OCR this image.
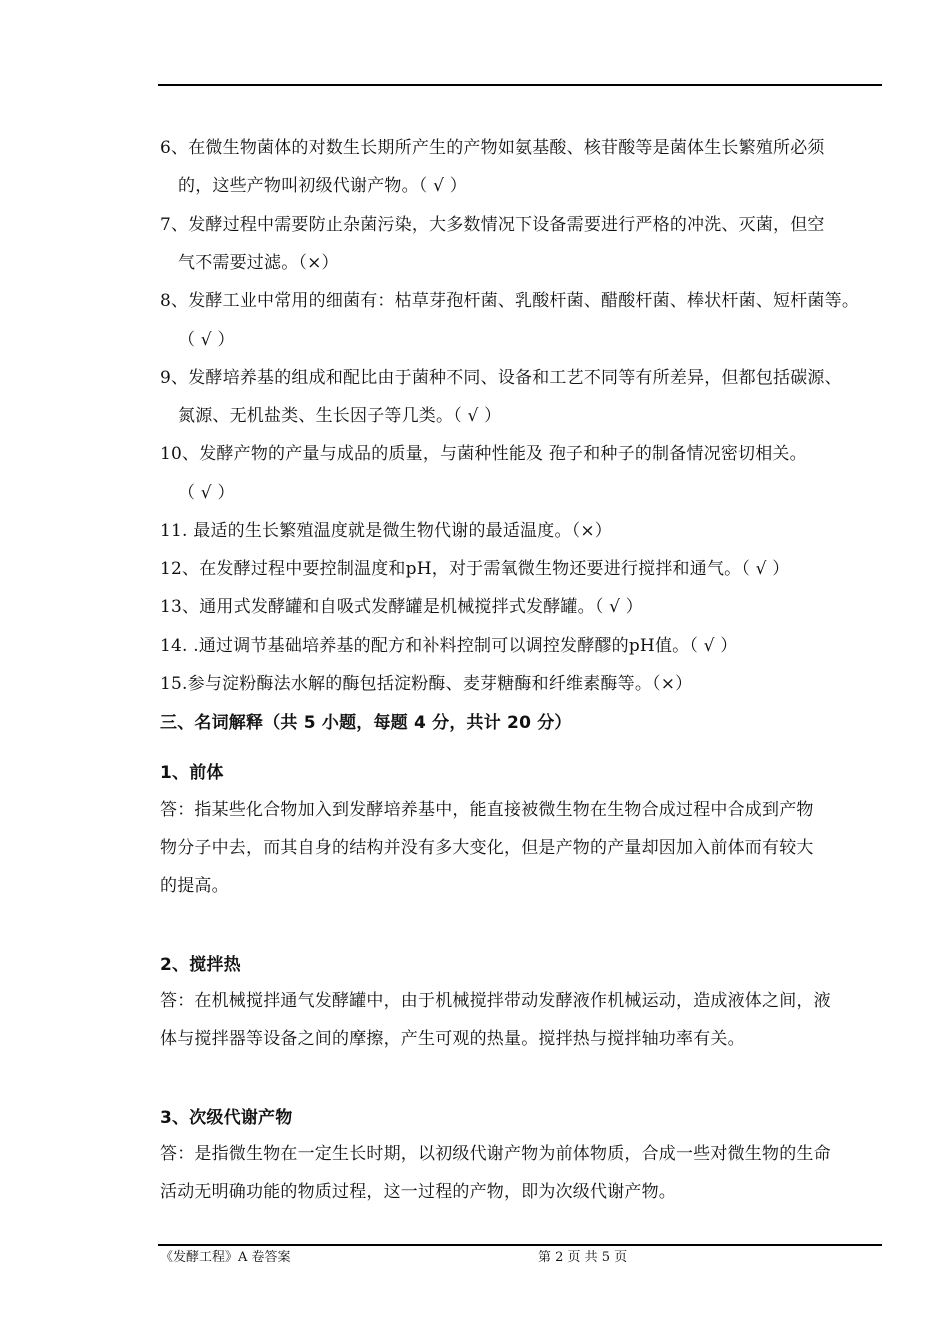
6、在微生物菌体的对数生长期所产生的产物如氨基酸、核苷酸等是菌体生长繁殖所必须
的，这些产物叫初级代谢产物。（ √ ）
7、发酵过程中需要防止杂菌污染，大多数情况下设备需要进行严格的冲洗、灭菌，但空
气不需要过滤。（×）
8、发酵工业中常用的细菌有：枯草芽孢杆菌、乳酸杆菌、醋酸杆菌、棒状杆菌、短杆菌等。
（ √ ）
9、发酵培养基的组成和配比由于菌种不同、设备和工艺不同等有所差异，但都包括碳源、
氮源、无机盐类、生长因子等几类。（ √ ）
10、发酵产物的产量与成品的质量，与菌种性能及 孢子和种子的制备情况密切相关。
（ √ ）
11. 最适的生长繁殖温度就是微生物代谢的最适温度。（×）
12、在发酵过程中要控制温度和pH，对于需氧微生物还要进行搅拌和通气。（ √ ）
13、通用式发酵罐和自吸式发酵罐是机械搅拌式发酵罐。（ √ ）
14. .通过调节基础培养基的配方和补料控制可以调控发酵醪的pH值。（ √ ）
15.参与淀粉酶法水解的酶包括淀粉酶、麦芽糖酶和纤维素酶等。（×）
三、名词解释（共 5 小题，每题 4 分，共计 20 分）
1、前体
答：指某些化合物加入到发酵培养基中，能直接被微生物在生物合成过程中合成到产物
物分子中去，而其自身的结构并没有多大变化，但是产物的产量却因加入前体而有较大
的提高。
2、搅拌热
答：在机械搅拌通气发酵罐中，由于机械搅拌带动发酵液作机械运动，造成液体之间，液
体与搅拌器等设备之间的摩擦，产生可观的热量。搅拌热与搅拌轴功率有关。
3、次级代谢产物
答：是指微生物在一定生长时期，以初级代谢产物为前体物质，合成一些对微生物的生命
活动无明确功能的物质过程，这一过程的产物，即为次级代谢产物。
《发酵工程》A 卷答案	第 2 页 共 5 页
